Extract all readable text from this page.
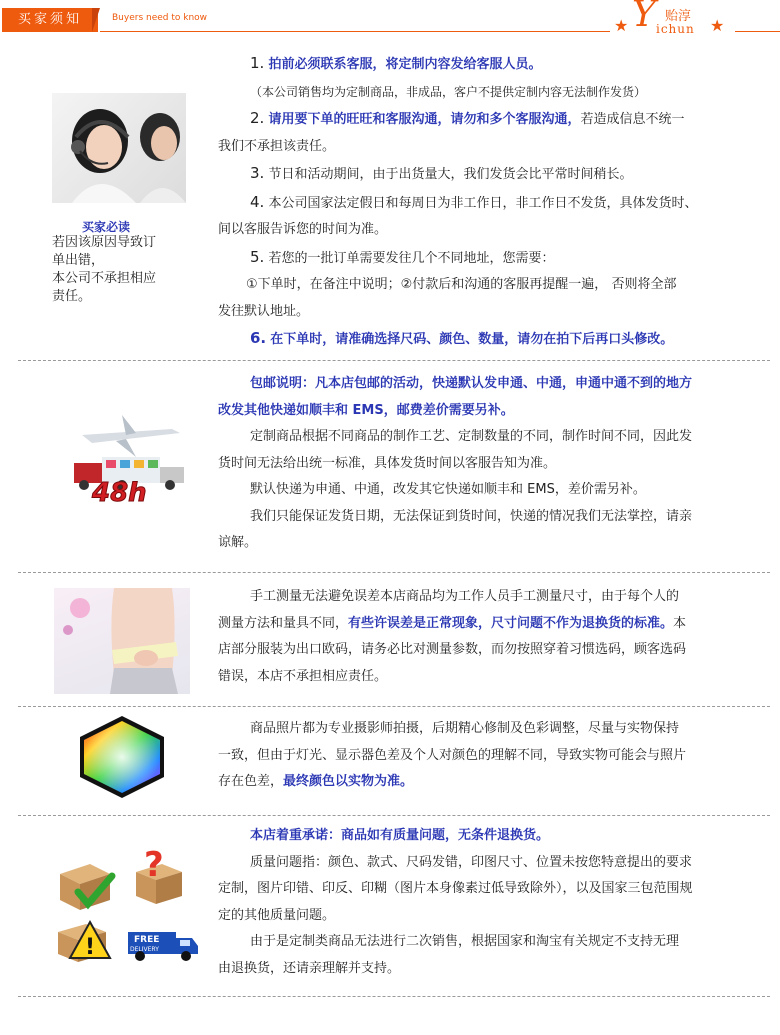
买家须知	Buyers need to know	★	★
Y 贻淳
ichun
买家必读
若因该原因导致订
单出错，
本公司不承担相应
责任。

1. 拍前必须联系客服，将定制内容发给客服人员。

（本公司销售均为定制商品，非成品，客户不提供定制内容无法制作发货）

2. 请用要下单的旺旺和客服沟通，请勿和多个客服沟通，若造成信息不统一

我们不承担该责任。

3. 节日和活动期间，由于出货量大，我们发货会比平常时间稍长。

4. 本公司国家法定假日和每周日为非工作日，非工作日不发货，具体发货时、

间以客服告诉您的时间为准。

5. 若您的一批订单需要发往几个不同地址，您需要：

①下单时，在备注中说明；②付款后和沟通的客服再提醒一遍， 否则将全部

发往默认地址。

6. 在下单时，请准确选择尺码、颜色、数量，请勿在拍下后再口头修改。

48h

包邮说明：凡本店包邮的活动，快递默认发申通、中通，申通中通不到的地方

改发其他快递如顺丰和 EMS，邮费差价需要另补。

定制商品根据不同商品的制作工艺、定制数量的不同，制作时间不同，因此发

货时间无法给出统一标准，具体发货时间以客服告知为准。

默认快递为申通、中通，改发其它快递如顺丰和 EMS，差价需另补。

我们只能保证发货日期，无法保证到货时间，快递的情况我们无法掌控，请亲

谅解。

手工测量无法避免误差本店商品均为工作人员手工测量尺寸，由于每个人的

测量方法和量具不同，有些许误差是正常现象，尺寸问题不作为退换货的标准。本

店部分服装为出口欧码，请务必比对测量参数，而勿按照穿着习惯选码，顾客选码

错误，本店不承担相应责任。

商品照片都为专业摄影师拍摄，后期精心修制及色彩调整，尽量与实物保持

一致，但由于灯光、显示器色差及个人对颜色的理解不同，导致实物可能会与照片

存在色差，最终颜色以实物为准。

?
!	FREE
DELIVERY

本店着重承诺：商品如有质量问题，无条件退换货。

质量问题指：颜色、款式、尺码发错，印图尺寸、位置未按您特意提出的要求

定制，图片印错、印反、印糊（图片本身像素过低导致除外），以及国家三包范围规

定的其他质量问题。

由于是定制类商品无法进行二次销售，根据国家和淘宝有关规定不支持无理

由退换货，还请亲理解并支持。
